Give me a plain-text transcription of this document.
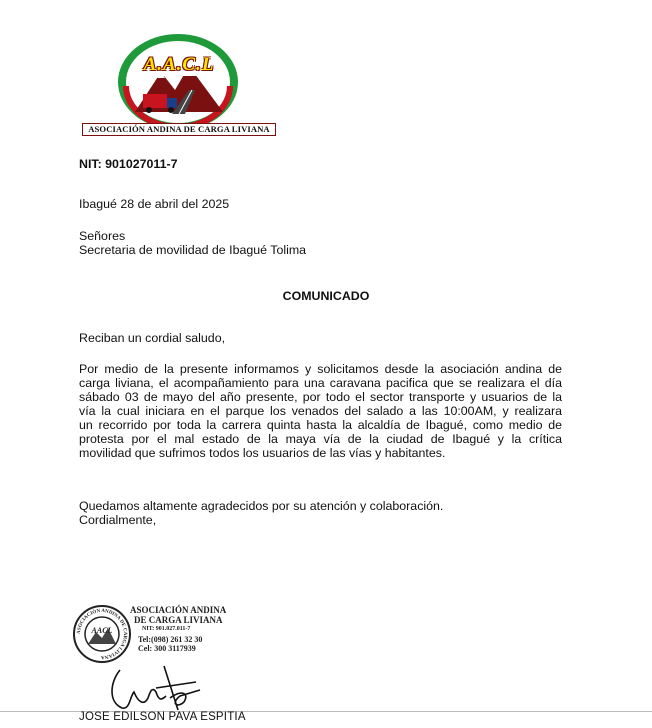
A.A.C.L
ASOCIACIÓN ANDINA DE CARGA LIVIANA
NIT: 901027011-7
Ibagué 28 de abril del 2025
Señores
Secretaria de movilidad de Ibagué Tolima
COMUNICADO
Reciban un cordial saludo,
Por medio de la presente informamos y solicitamos desde la asociación andina de
carga liviana, el acompañamiento para una caravana pacifica que se realizara el día
sábado 03 de mayo del año presente, por todo el sector transporte y usuarios de la
vía la cual iniciara en el parque los venados del salado a las 10:00AM, y realizara
un recorrido por toda la carrera quinta hasta la alcaldía de Ibagué, como medio de
protesta por el mal estado de la maya vía de la ciudad de Ibagué y la crítica
movilidad que sufrimos todos los usuarios de las vías y habitantes.
Quedamos altamente agradecidos por su atención y colaboración.
Cordialmente,
ASOCIACIÓN ANDINA DE CARGA LIVIANA
AACL
ASOCIACIÓN ANDINA
DE CARGA LIVIANA
NIT: 901.027.011-7
Tel:(098) 261 32 30
Cel: 300 3117939
JOSE EDILSON PAVA ESPITIA
